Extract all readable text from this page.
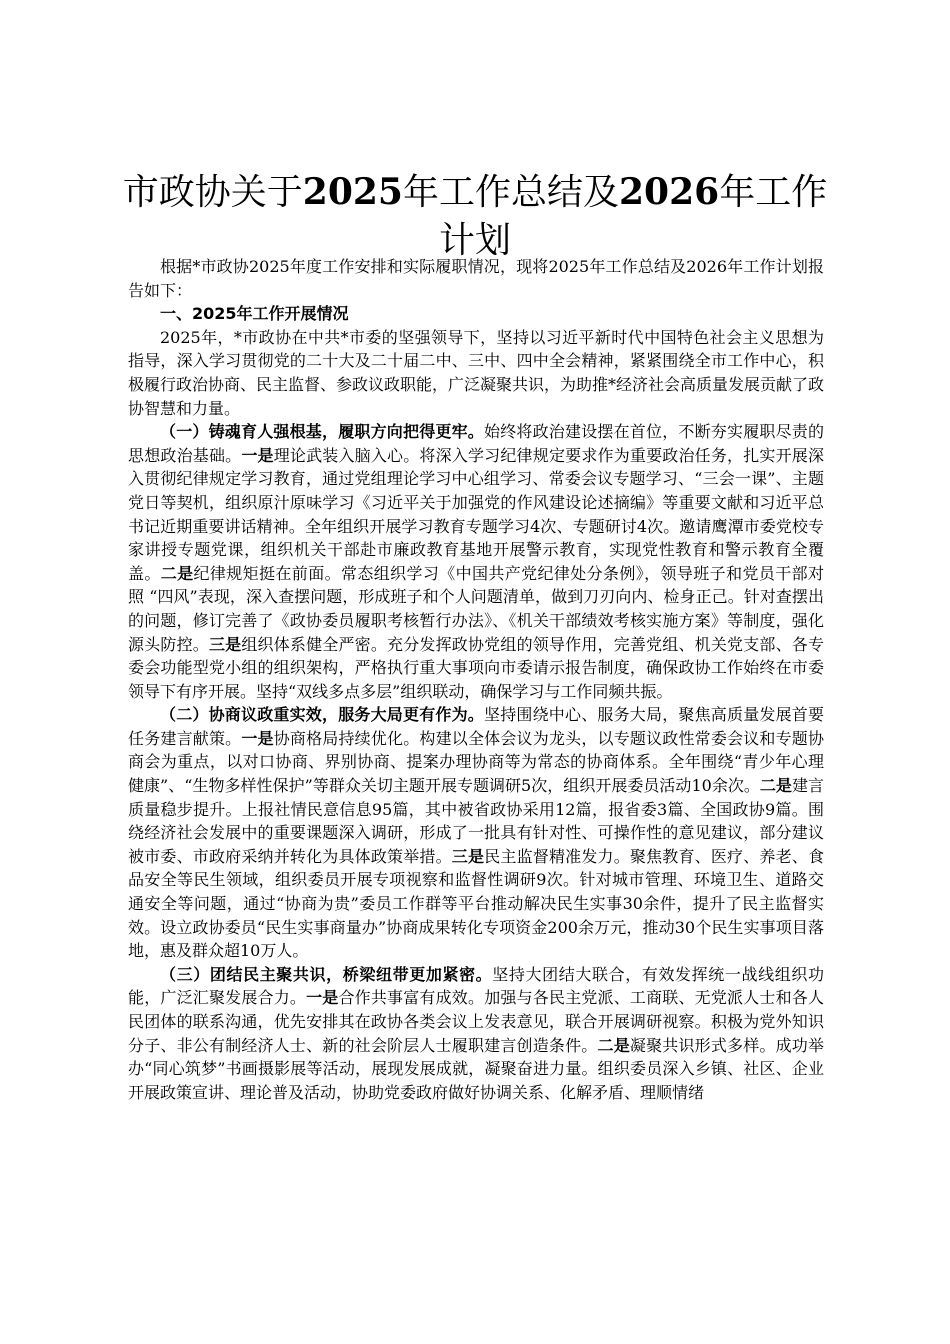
市政协关于2025年工作总结及2026年工作计划

根据*市政协2025年度工作安排和实际履职情况，现将2025年工作总结及2026年工作计划报告如下：

一、2025年工作开展情况

2025年，*市政协在中共*市委的坚强领导下，坚持以习近平新时代中国特色社会主义思想为指导，深入学习贯彻党的二十大及二十届二中、三中、四中全会精神，紧紧围绕全市工作中心，积极履行政治协商、民主监督、参政议政职能，广泛凝聚共识，为助推*经济社会高质量发展贡献了政协智慧和力量。

（一）铸魂育人强根基，履职方向把得更牢。始终将政治建设摆在首位，不断夯实履职尽责的思想政治基础。一是理论武装入脑入心。将深入学习纪律规定要求作为重要政治任务，扎实开展深入贯彻纪律规定学习教育，通过党组理论学习中心组学习、常委会议专题学习、“三会一课”、主题党日等契机，组织原汁原味学习《习近平关于加强党的作风建设论述摘编》等重要文献和习近平总书记近期重要讲话精神。全年组织开展学习教育专题学习4次、专题研讨4次。邀请鹰潭市委党校专家讲授专题党课，组织机关干部赴市廉政教育基地开展警示教育，实现党性教育和警示教育全覆盖。二是纪律规矩挺在前面。常态组织学习《中国共产党纪律处分条例》，领导班子和党员干部对照 “四风”表现，深入查摆问题，形成班子和个人问题清单，做到刀刃向内、检身正己。针对查摆出的问题，修订完善了《政协委员履职考核暂行办法》、《机关干部绩效考核实施方案》等制度，强化源头防控。三是组织体系健全严密。充分发挥政协党组的领导作用，完善党组、机关党支部、各专委会功能型党小组的组织架构，严格执行重大事项向市委请示报告制度，确保政协工作始终在市委领导下有序开展。坚持“双线多点多层”组织联动，确保学习与工作同频共振。

（二）协商议政重实效，服务大局更有作为。坚持围绕中心、服务大局，聚焦高质量发展首要任务建言献策。一是协商格局持续优化。构建以全体会议为龙头，以专题议政性常委会议和专题协商会为重点，以对口协商、界别协商、提案办理协商等为常态的协商体系。全年围绕“青少年心理健康”、“生物多样性保护”等群众关切主题开展专题调研5次，组织开展委员活动10余次。二是建言质量稳步提升。上报社情民意信息95篇，其中被省政协采用12篇，报省委3篇、全国政协9篇。围绕经济社会发展中的重要课题深入调研，形成了一批具有针对性、可操作性的意见建议，部分建议被市委、市政府采纳并转化为具体政策举措。三是民主监督精准发力。聚焦教育、医疗、养老、食品安全等民生领域，组织委员开展专项视察和监督性调研9次。针对城市管理、环境卫生、道路交通安全等问题，通过“协商为贵”委员工作群等平台推动解决民生实事30余件，提升了民主监督实效。设立政协委员“民生实事商量办”协商成果转化专项资金200余万元，推动30个民生实事项目落地，惠及群众超10万人。

（三）团结民主聚共识，桥梁纽带更加紧密。坚持大团结大联合，有效发挥统一战线组织功能，广泛汇聚发展合力。一是合作共事富有成效。加强与各民主党派、工商联、无党派人士和各人民团体的联系沟通，优先安排其在政协各类会议上发表意见，联合开展调研视察。积极为党外知识分子、非公有制经济人士、新的社会阶层人士履职建言创造条件。二是凝聚共识形式多样。成功举办“同心筑梦”书画摄影展等活动，展现发展成就，凝聚奋进力量。组织委员深入乡镇、社区、企业开展政策宣讲、理论普及活动，协助党委政府做好协调关系、化解矛盾、理顺情绪
